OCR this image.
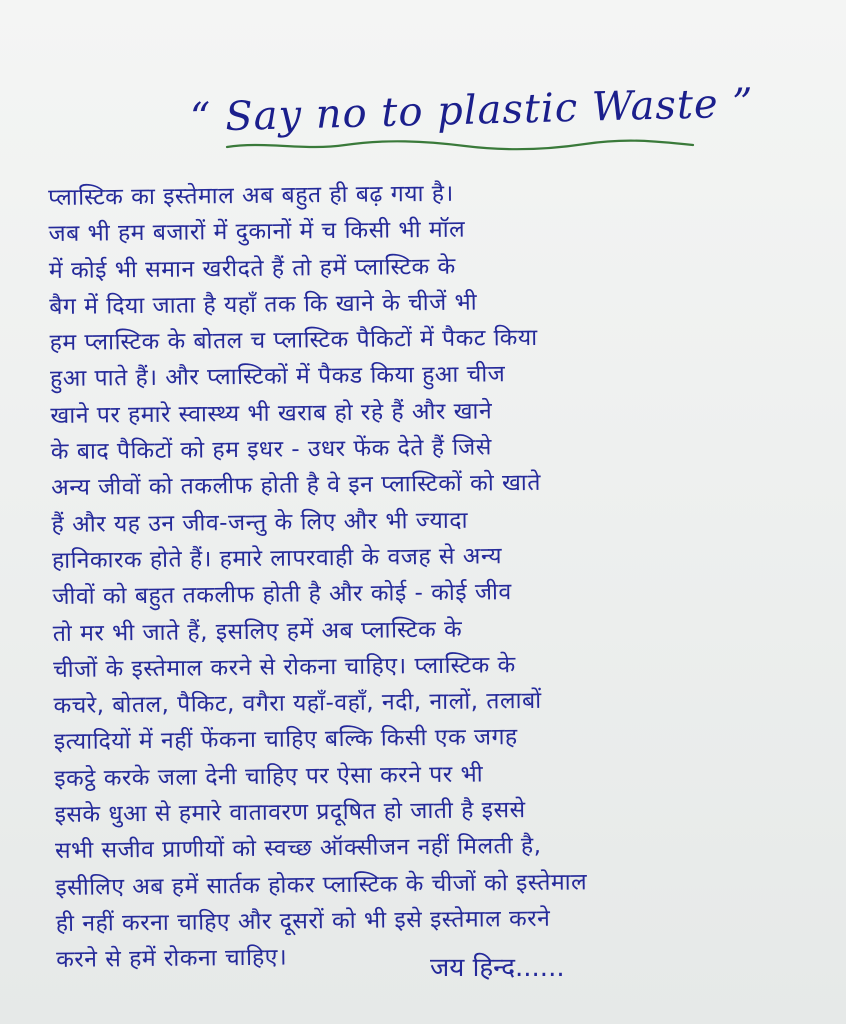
“ Say no to plastic Waste ”
प्लास्टिक का इस्तेमाल अब बहुत ही बढ़ गया है।
जब भी हम बजारों में दुकानों में च किसी भी मॉल
में कोई भी समान खरीदते हैं तो हमें प्लास्टिक के
बैग में दिया जाता है यहाँ तक कि खाने के चीजें भी
हम प्लास्टिक के बोतल च प्लास्टिक पैकिटों में पैकट किया
हुआ पाते हैं। और प्लास्टिकों में पैकड किया हुआ चीज
खाने पर हमारे स्वास्थ्य भी खराब हो रहे हैं और खाने
के बाद पैकिटों को हम इधर - उधर फेंक देते हैं जिसे
अन्य जीवों को तकलीफ होती है वे इन प्लास्टिकों को खाते
हैं और यह उन जीव-जन्तु के लिए और भी ज्यादा
हानिकारक होते हैं। हमारे लापरवाही के वजह से अन्य
जीवों को बहुत तकलीफ होती है और कोई - कोई जीव
तो मर भी जाते हैं, इसलिए हमें अब प्लास्टिक के
चीजों के इस्तेमाल करने से रोकना चाहिए। प्लास्टिक के
कचरे, बोतल, पैकिट, वगैरा यहाँ-वहाँ, नदी, नालों, तलाबों
इत्यादियों में नहीं फेंकना चाहिए बल्कि किसी एक जगह
इकट्ठे करके जला देनी चाहिए पर ऐसा करने पर भी
इसके धुआ से हमारे वातावरण प्रदूषित हो जाती है इससे
सभी सजीव प्राणीयों को स्वच्छ ऑक्सीजन नहीं मिलती है,
इसीलिए अब हमें सार्तक होकर प्लास्टिक के चीजों को इस्तेमाल
ही नहीं करना चाहिए और दूसरों को भी इसे इस्तेमाल करने
करने से हमें रोकना चाहिए।	जय हिन्द......
